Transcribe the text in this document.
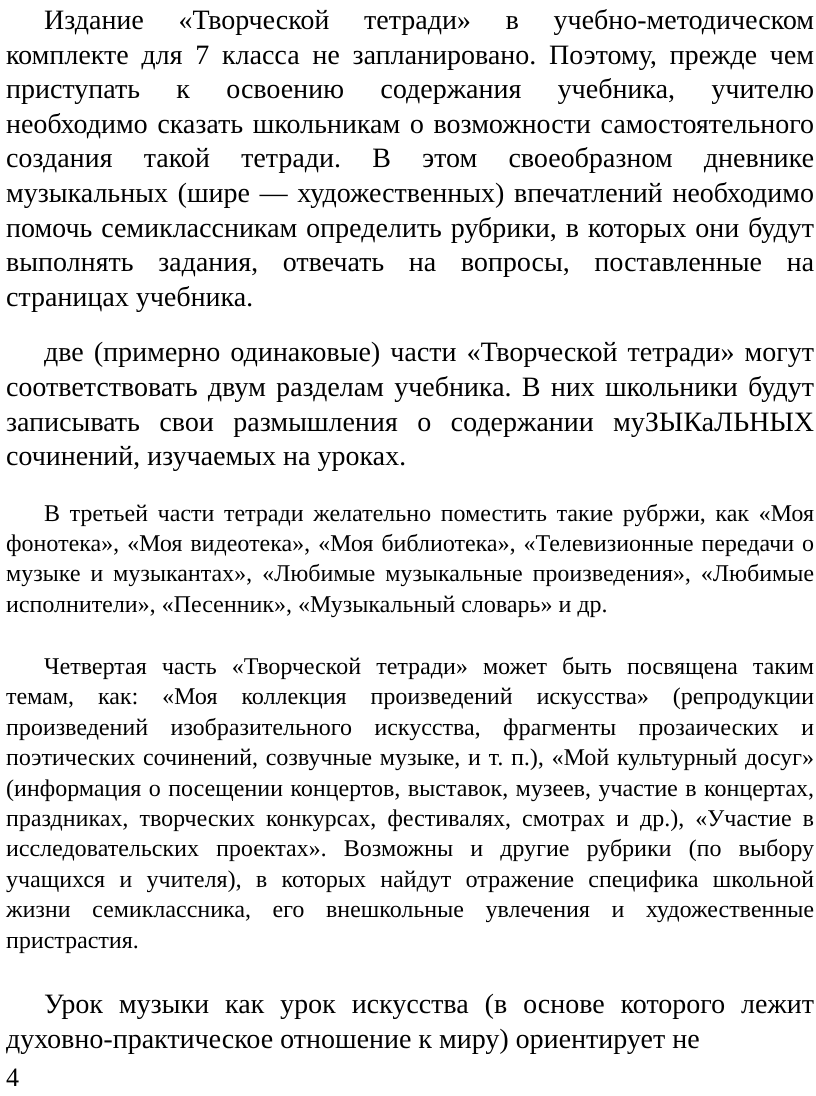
Издание «Творческой тетради» в учебно-методическом комплекте для 7 класса не запланировано. Поэтому, прежде чем приступать к освоению содержания учебника, учителю необходимо сказать школьникам о возможности самостоятельного создания такой тетради. В этом своеобразном дневнике музыкальных (шире — художественных) впечатлений необходимо помочь семиклассникам определить рубрики, в которых они будут выполнять задания, отвечать на вопросы, поставленные на страницах учебника.

две (примерно одинаковые) части «Творческой тетради» могут соответствовать двум разделам учебника. В них школьники будут записывать свои размышления о содержании муЗЫКаЛЬНЫХ сочинений, изучаемых на уроках.

В третьей части тетради желательно поместить такие рубржи, как «Моя фонотека», «Моя видеотека», «Моя библиотека», «Телевизионные передачи о музыке и музыкантах», «Любимые музыкальные произведения», «Любимые исполнители», «Песенник», «Музыкальный словарь» и др.

Четвертая часть «Творческой тетради» может быть посвящена таким темам, как: «Моя коллекция произведений искусства» (репродукции произведений изобразительного искусства, фрагменты прозаических и поэтических сочинений, созвучные музыке, и т. п.), «Мой культурный досуг» (информация о посещении концертов, выставок, музеев, участие в концертах, праздниках, творческих конкурсах, фестивалях, смотрах и др.), «Участие в исследовательских проектах». Возможны и другие рубрики (по выбору учащихся и учителя), в которых найдут отражение специфика школьной жизни семиклассника, его внешкольные увлечения и художественные пристрастия.

Урок музыки как урок искусства (в основе которого лежит духовно-практическое отношение к миру) ориентирует не

4
